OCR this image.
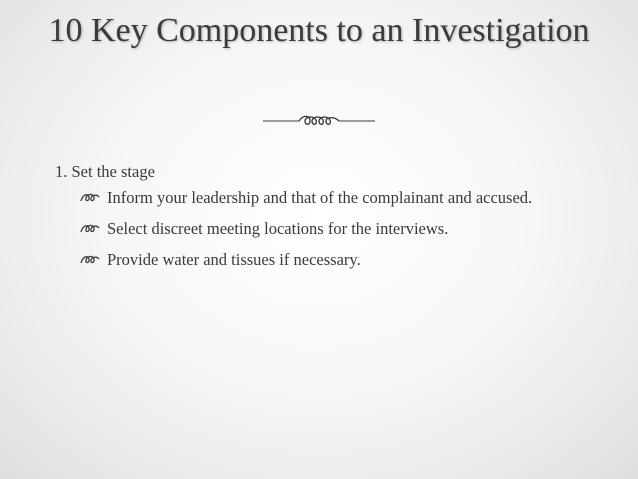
10 Key Components to an Investigation

1. Set the stage

Inform your leadership and that of the complainant and accused.
Select discreet meeting locations for the interviews.
Provide water and tissues if necessary.
